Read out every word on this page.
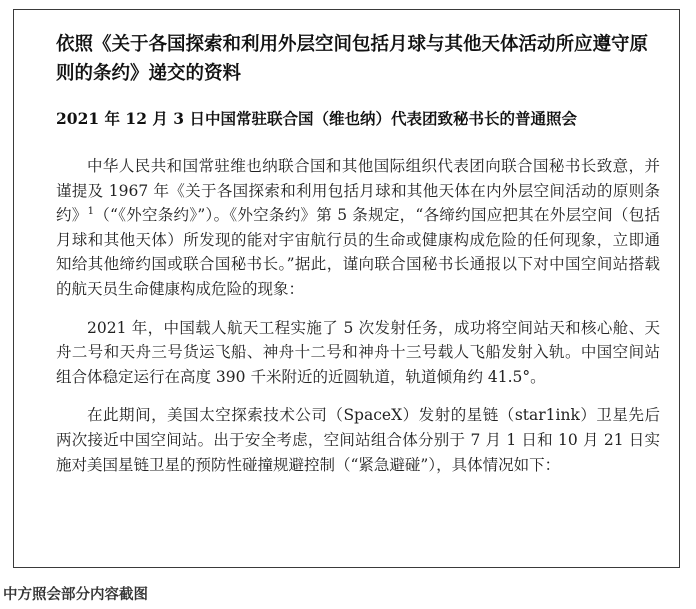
依照《关于各国探索和利用外层空间包括月球与其他天体活动所应遵守原则的条约》递交的资料
2021 年 12 月 3 日中国常驻联合国（维也纳）代表团致秘书长的普通照会

中华人民共和国常驻维也纳联合国和其他国际组织代表团向联合国秘书长致意，并谨提及 1967 年《关于各国探索和利用包括月球和其他天体在内外层空间活动的原则条约》$^1$（“《外空条约》”）。《外空条约》第 5 条规定，“各缔约国应把其在外层空间（包括月球和其他天体）所发现的能对宇宙航行员的生命或健康构成危险的任何现象，立即通知给其他缔约国或联合国秘书长。”据此，谨向联合国秘书长通报以下对中国空间站搭载的航天员生命健康构成危险的现象：

2021 年，中国载人航天工程实施了 5 次发射任务，成功将空间站天和核心舱、天舟二号和天舟三号货运飞船、神舟十二号和神舟十三号载人飞船发射入轨。中国空间站组合体稳定运行在高度 390 千米附近的近圆轨道，轨道倾角约 41.5°。

在此期间，美国太空探索技术公司（SpaceX）发射的星链（star1ink）卫星先后两次接近中国空间站。出于安全考虑，空间站组合体分别于 7 月 1 日和 10 月 21 日实施对美国星链卫星的预防性碰撞规避控制（“紧急避碰”），具体情况如下：

中方照会部分内容截图
